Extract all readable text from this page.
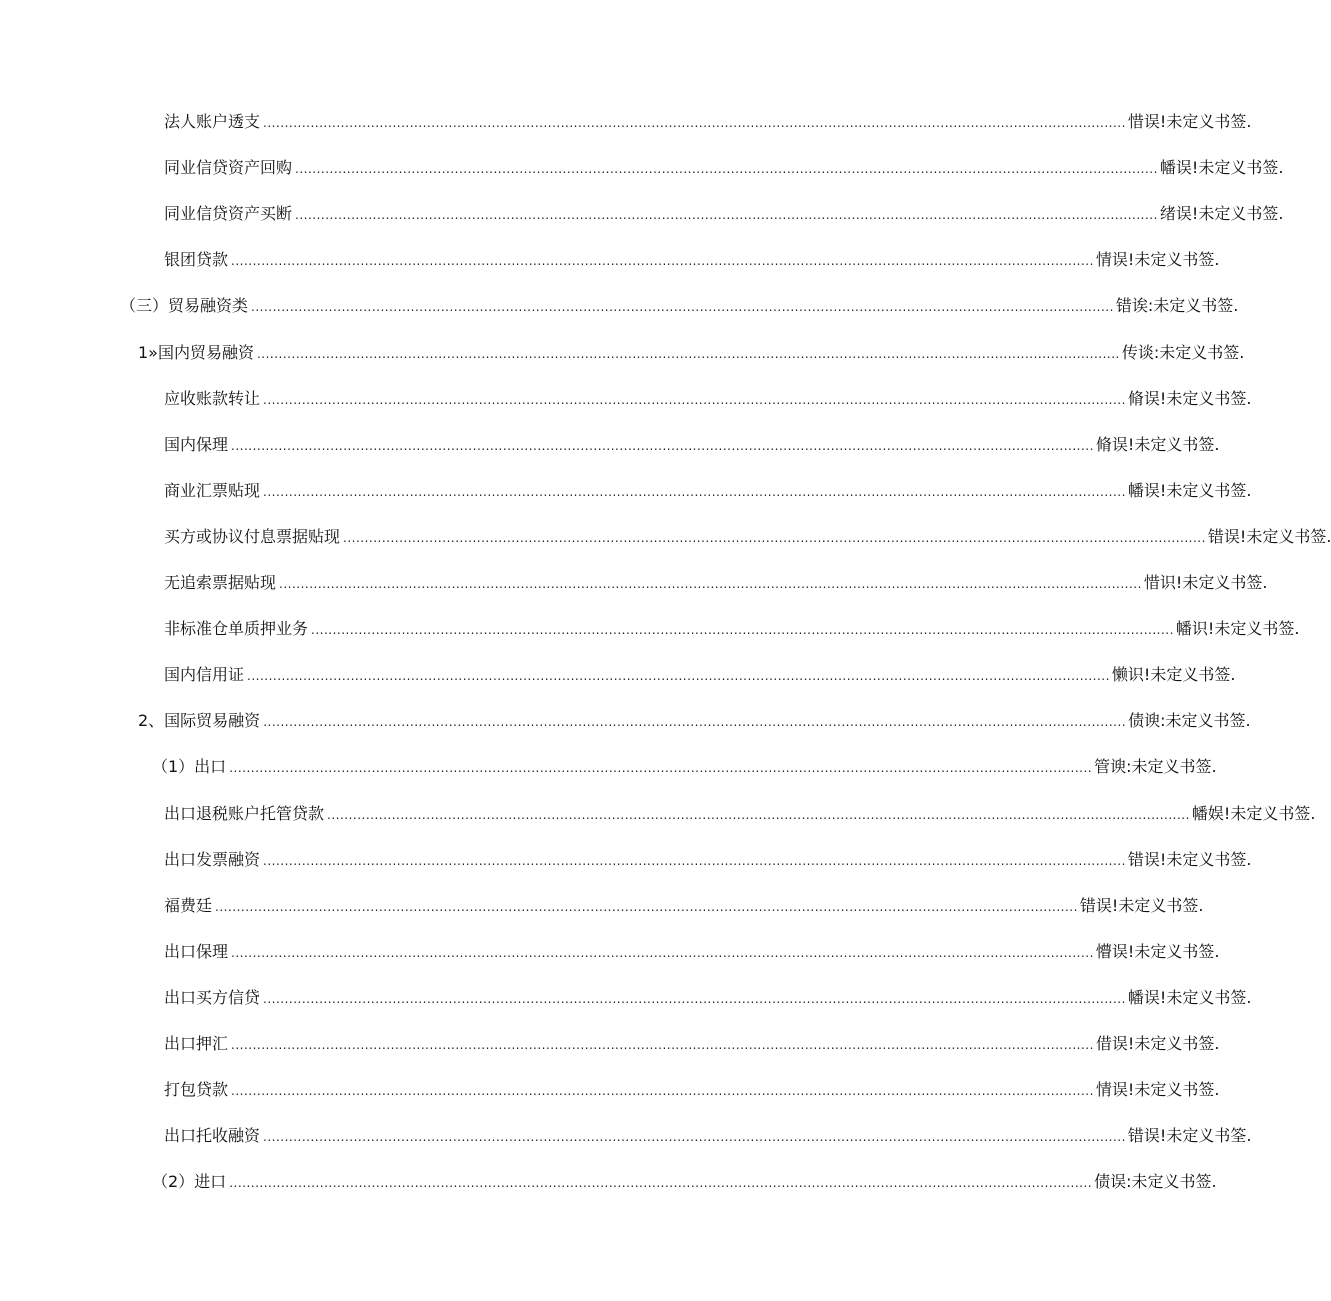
法人账户透支 ........................................................................................................................................................................................................ 惜误!未定义书签.
同业信贷资产回购 ........................................................................................................................................................................................................ 幡误!未定义书签.
同业信贷资产买断 ........................................................................................................................................................................................................ 绪误!未定义书签.
银团贷款 ........................................................................................................................................................................................................ 情误!未定义书签.
（三）贸易融资类 ........................................................................................................................................................................................................ 错诶:未定义书签.
1»国内贸易融资 ........................................................................................................................................................................................................ 传谈:未定义书签.
应收账款转让 ........................................................................................................................................................................................................ 脩误!未定义书签.
国内保理 ........................................................................................................................................................................................................ 脩误!未定义书签.
商业汇票贴现 ........................................................................................................................................................................................................ 幡误!未定义书签.
买方或协议付息票据贴现 ........................................................................................................................................................................................................ 错误!未定义书签.
无追索票据贴现 ........................................................................................................................................................................................................ 惜识!未定义书签.
非标准仓单质押业务 ........................................................................................................................................................................................................ 幡识!未定义书签.
国内信用证 ........................................................................................................................................................................................................ 懒识!未定义书签.
2、国际贸易融资 ........................................................................................................................................................................................................ 债谀:未定义书签.
（1）出口 ........................................................................................................................................................................................................ 管谀:未定义书签.
出口退税账户托管贷款 ........................................................................................................................................................................................................ 幡娱!未定义书签.
出口发票融资 ........................................................................................................................................................................................................ 错误!未定义书签.
福费廷 ........................................................................................................................................................................................................ 错误!未定义书签.
出口保理 ........................................................................................................................................................................................................ 懵误!未定义书签.
出口买方信贷 ........................................................................................................................................................................................................ 幡误!未定义书签.
出口押汇 ........................................................................................................................................................................................................ 借误!未定义书签.
打包贷款 ........................................................................................................................................................................................................ 情误!未定义书签.
出口托收融资 ........................................................................................................................................................................................................ 错误!未定义书筌.
（2）进口 ........................................................................................................................................................................................................ 债误:未定义书签.
